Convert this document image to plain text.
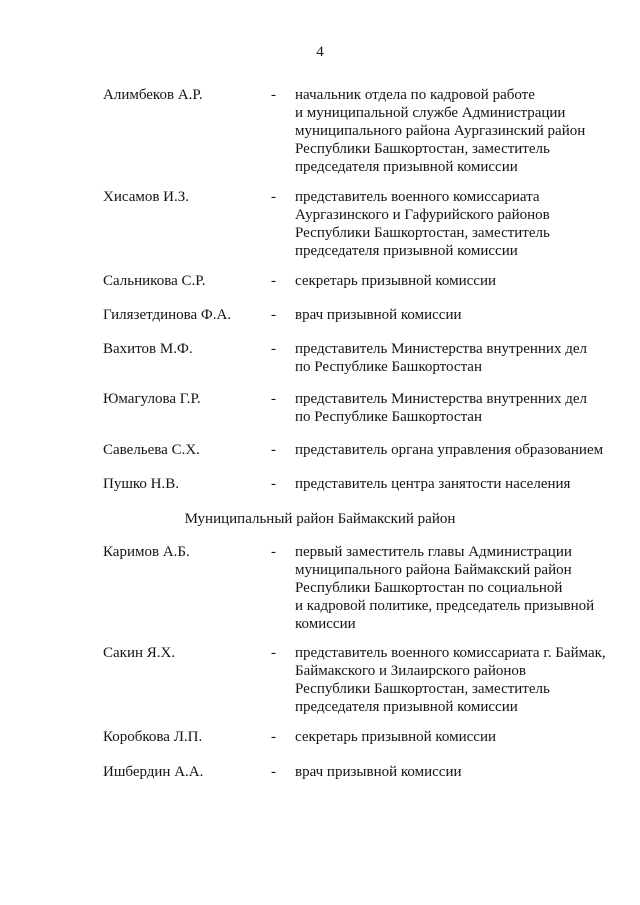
4
Алимбеков А.Р.	- начальник отдела по кадровой работе
и муниципальной службе Администрации
муниципального района Аургазинский район
Республики Башкортостан, заместитель
председателя призывной комиссии
Хисамов И.З.	- представитель военного комиссариата
Аургазинского и Гафурийского районов
Республики Башкортостан, заместитель
председателя призывной комиссии
Сальникова С.Р.	- секретарь призывной комиссии
Гилязетдинова Ф.А.	- врач призывной комиссии
Вахитов М.Ф.	- представитель Министерства внутренних дел
по Республике Башкортостан
Юмагулова Г.Р.	- представитель Министерства внутренних дел
по Республике Башкортостан
Савельева С.Х.	- представитель органа управления образованием
Пушко Н.В.	- представитель центра занятости населения
Муниципальный район Баймакский район
Каримов А.Б.	- первый заместитель главы Администрации
муниципального района Баймакский район
Республики Башкортостан по социальной
и кадровой политике, председатель призывной
комиссии
Сакин Я.Х.	- представитель военного комиссариата г. Баймак,
Баймакского и Зилаирского районов
Республики Башкортостан, заместитель
председателя призывной комиссии
Коробкова Л.П.	- секретарь призывной комиссии
Ишбердин А.А.	- врач призывной комиссии
